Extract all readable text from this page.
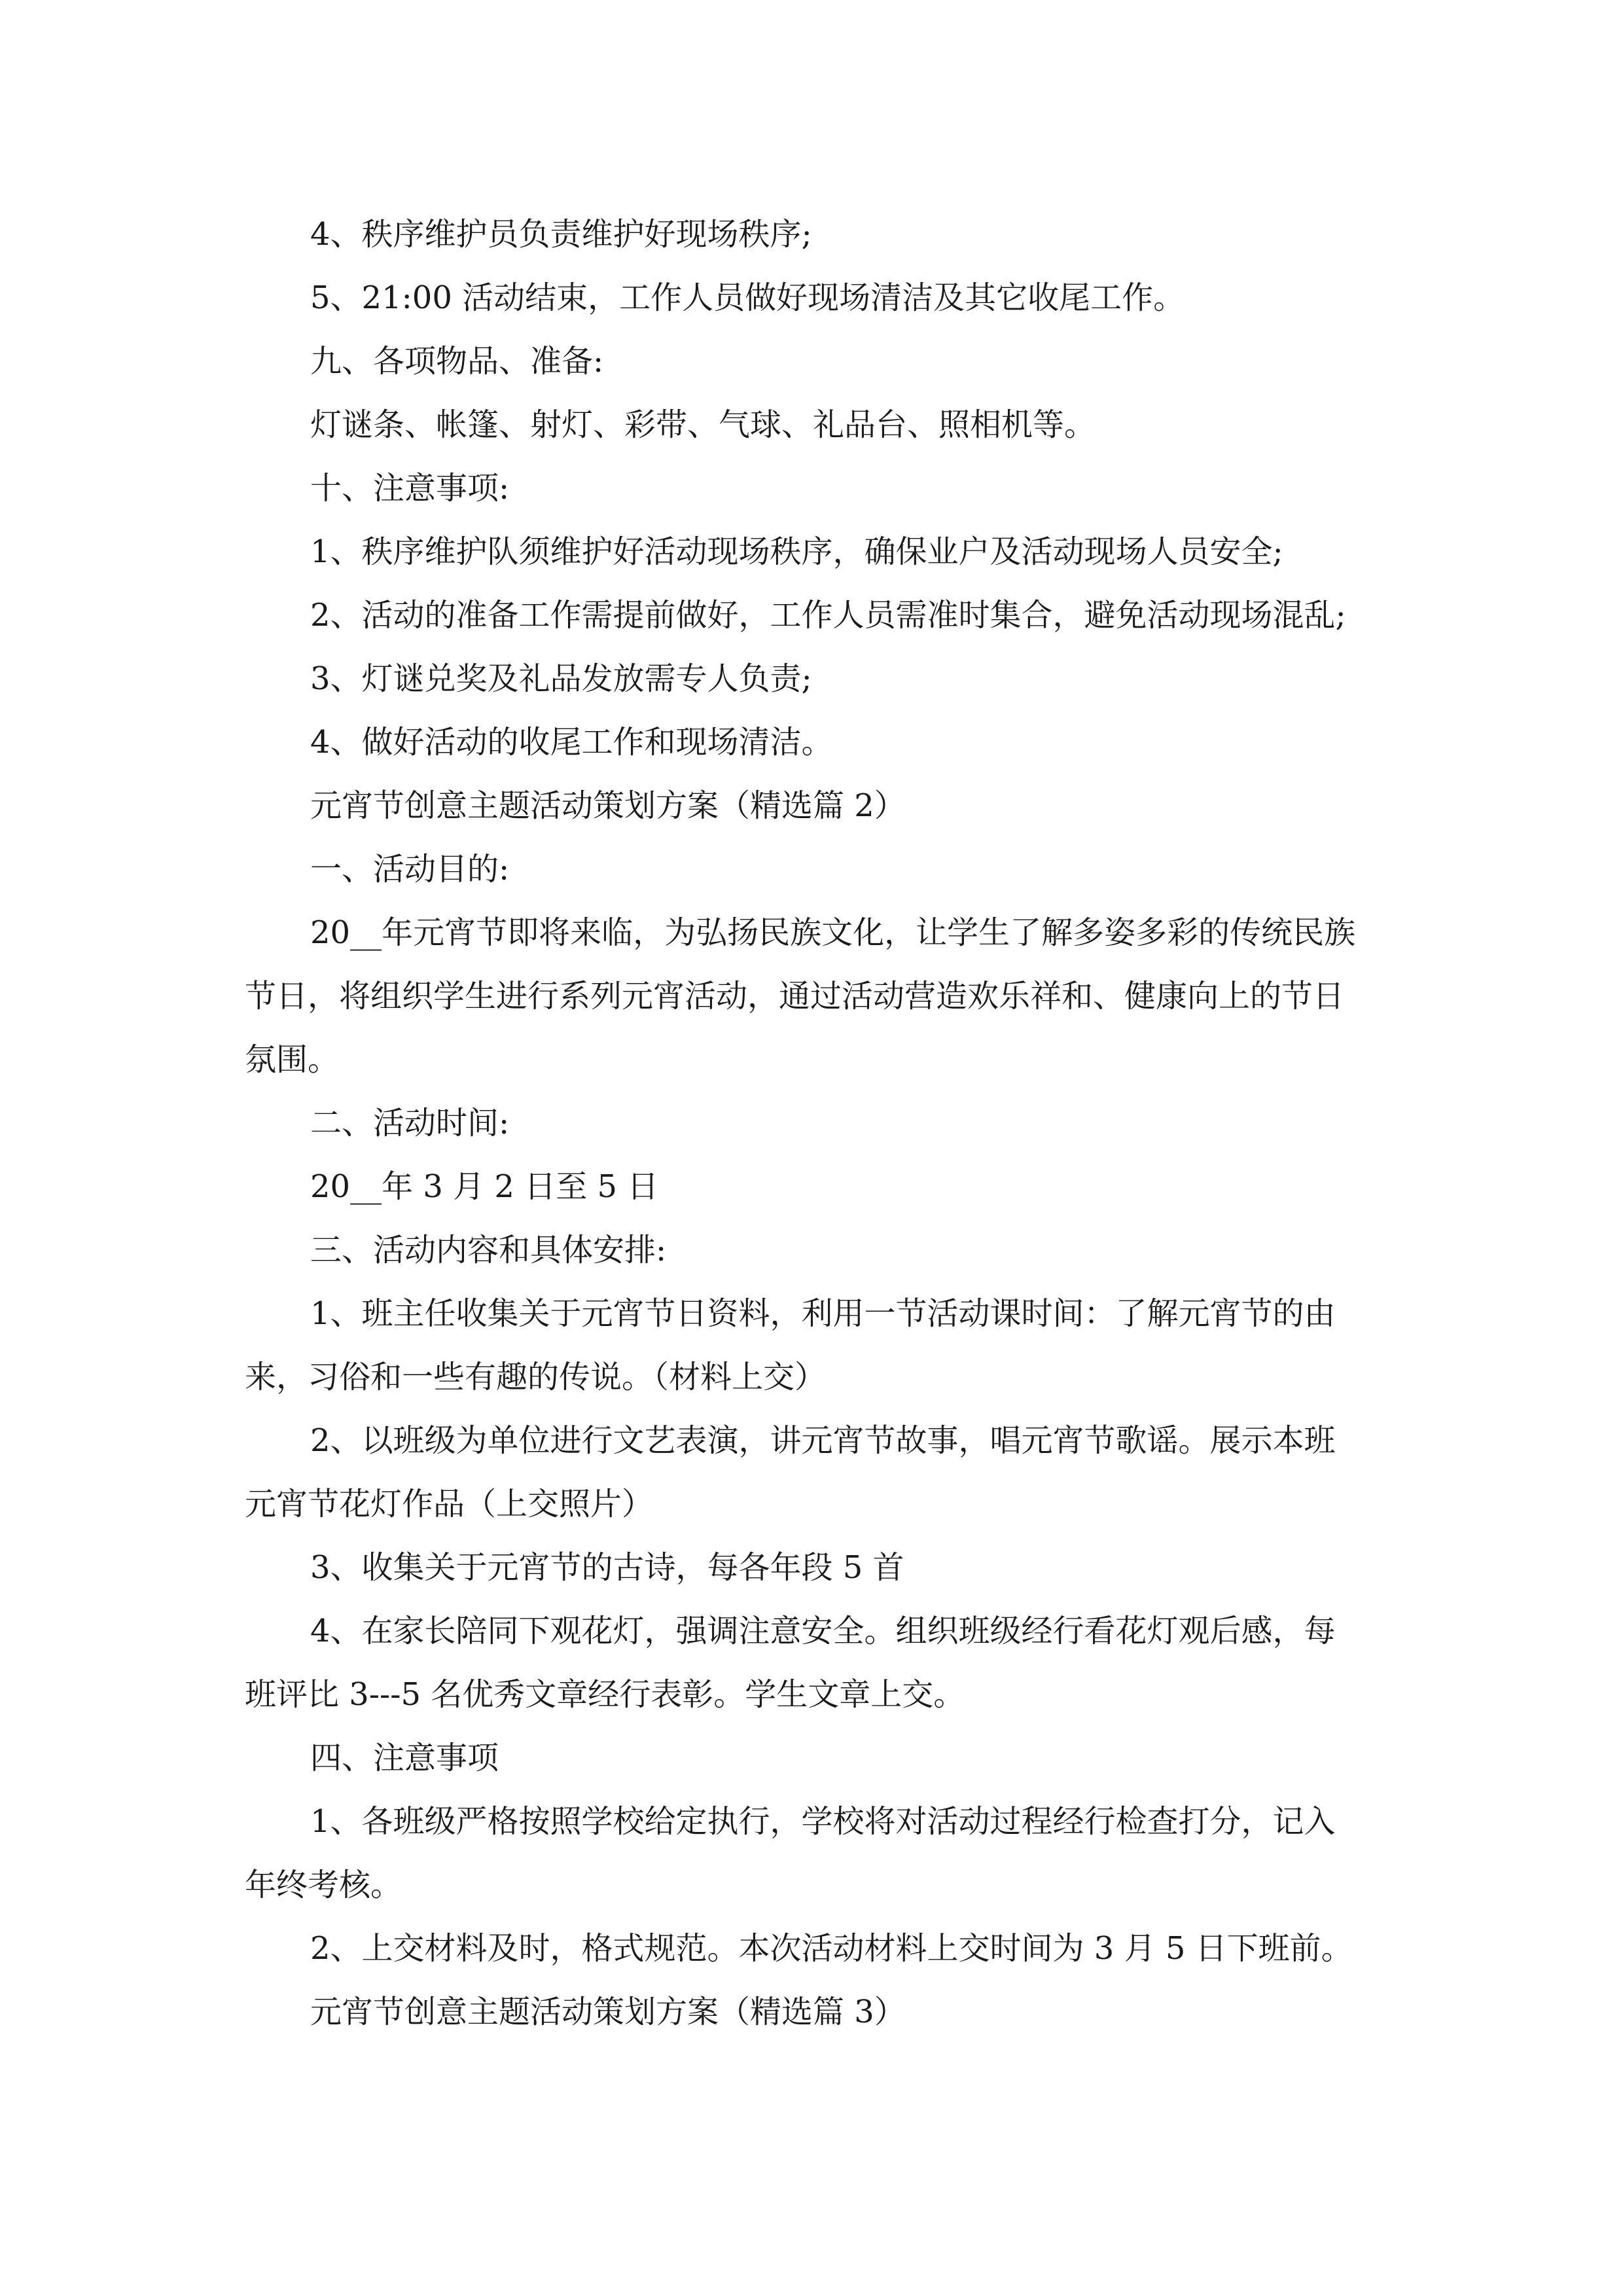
4、秩序维护员负责维护好现场秩序;

5、21:00 活动结束，工作人员做好现场清洁及其它收尾工作。

九、各项物品、准备:

灯谜条、帐篷、射灯、彩带、气球、礼品台、照相机等。

十、注意事项:

1、秩序维护队须维护好活动现场秩序，确保业户及活动现场人员安全;

2、活动的准备工作需提前做好，工作人员需准时集合，避免活动现场混乱;

3、灯谜兑奖及礼品发放需专人负责;

4、做好活动的收尾工作和现场清洁。

元宵节创意主题活动策划方案（精选篇 2）

一、活动目的:

20__年元宵节即将来临，为弘扬民族文化，让学生了解多姿多彩的传统民族

节日，将组织学生进行系列元宵活动，通过活动营造欢乐祥和、健康向上的节日

氛围。

二、活动时间:

20__年 3 月 2 日至 5 日

三、活动内容和具体安排:

1、班主任收集关于元宵节日资料，利用一节活动课时间：了解元宵节的由

来，习俗和一些有趣的传说。（材料上交）

2、以班级为单位进行文艺表演，讲元宵节故事，唱元宵节歌谣。展示本班

元宵节花灯作品（上交照片）

3、收集关于元宵节的古诗，每各年段 5 首

4、在家长陪同下观花灯，强调注意安全。组织班级经行看花灯观后感，每

班评比 3---5 名优秀文章经行表彰。学生文章上交。

四、注意事项

1、各班级严格按照学校给定执行，学校将对活动过程经行检查打分，记入

年终考核。

2、上交材料及时，格式规范。本次活动材料上交时间为 3 月 5 日下班前。

元宵节创意主题活动策划方案（精选篇 3）
